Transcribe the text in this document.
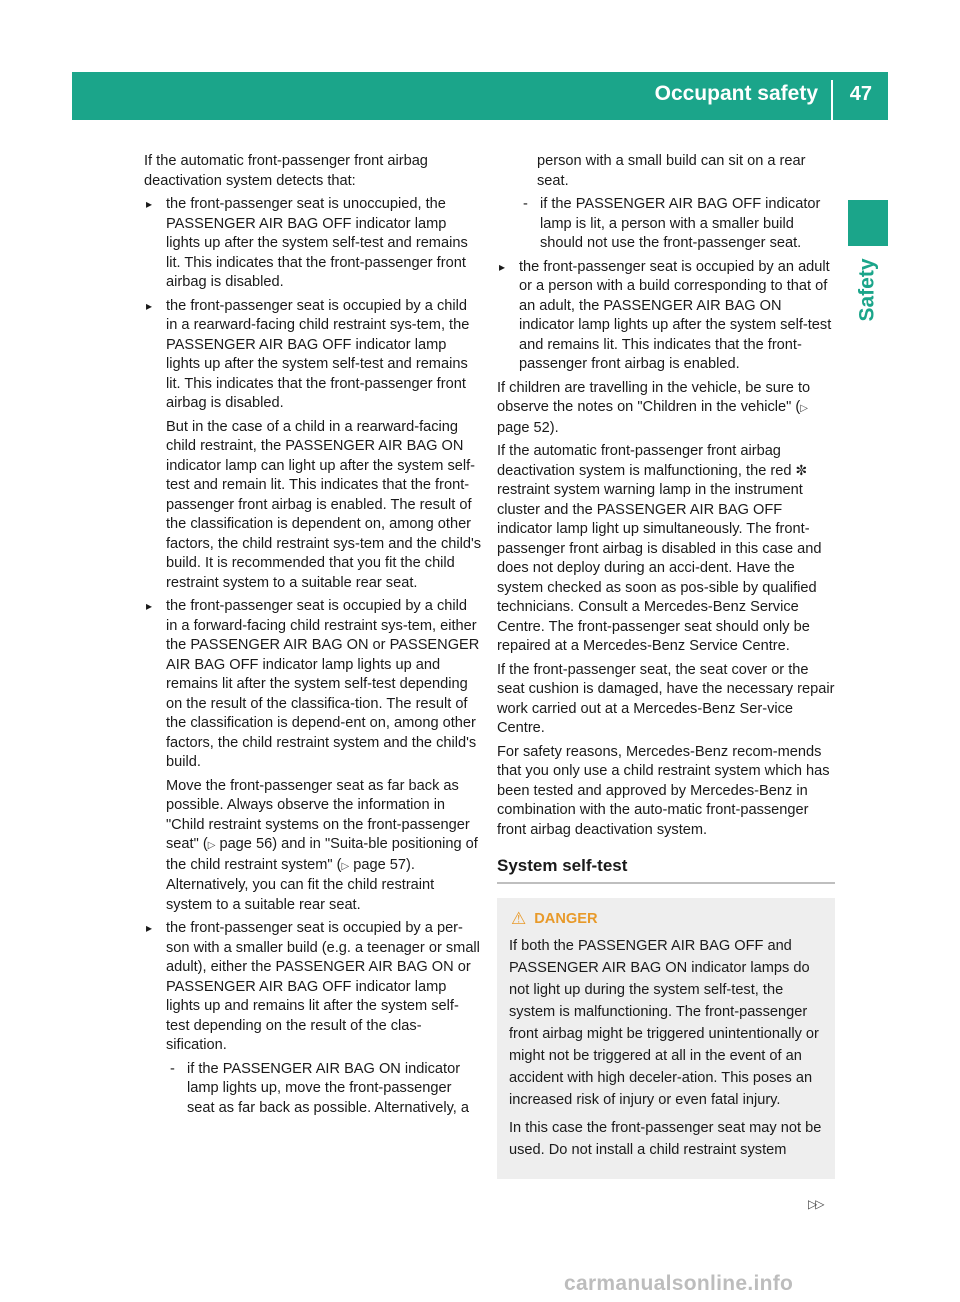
Occupant safety 47
Safety

If the automatic front-passenger front airbag deactivation system detects that:

▸ the front-passenger seat is unoccupied, the PASSENGER AIR BAG OFF indicator lamp lights up after the system self-test and remains lit. This indicates that the front-passenger front airbag is disabled.

▸ the front-passenger seat is occupied by a child in a rearward-facing child restraint sys-tem, the PASSENGER AIR BAG OFF indicator lamp lights up after the system self-test and remains lit. This indicates that the front-passenger front airbag is disabled.

But in the case of a child in a rearward-facing child restraint, the PASSENGER AIR BAG ON indicator lamp can light up after the system self-test and remain lit. This indicates that the front-passenger front airbag is enabled. The result of the classification is dependent on, among other factors, the child restraint sys-tem and the child's build. It is recommended that you fit the child restraint system to a suitable rear seat.

▸ the front-passenger seat is occupied by a child in a forward-facing child restraint sys-tem, either the PASSENGER AIR BAG ON or PASSENGER AIR BAG OFF indicator lamp lights up and remains lit after the system self-test depending on the result of the classifica-tion. The result of the classification is depend-ent on, among other factors, the child restraint system and the child's build.

Move the front-passenger seat as far back as possible. Always observe the information in "Child restraint systems on the front-passenger seat" (▷ page 56) and in "Suita-ble positioning of the child restraint system" (▷ page 57). Alternatively, you can fit the child restraint system to a suitable rear seat.

▸ the front-passenger seat is occupied by a per-son with a smaller build (e.g. a teenager or small adult), either the PASSENGER AIR BAG ON or PASSENGER AIR BAG OFF indicator lamp lights up and remains lit after the system self-test depending on the result of the clas-sification.

- if the PASSENGER AIR BAG ON indicator lamp lights up, move the front-passenger seat as far back as possible. Alternatively, a

person with a small build can sit on a rear seat.

- if the PASSENGER AIR BAG OFF indicator lamp is lit, a person with a smaller build should not use the front-passenger seat.

▸ the front-passenger seat is occupied by an adult or a person with a build corresponding to that of an adult, the PASSENGER AIR BAG ON indicator lamp lights up after the system self-test and remains lit. This indicates that the front-passenger front airbag is enabled.

If children are travelling in the vehicle, be sure to observe the notes on "Children in the vehicle" (▷ page 52).

If the automatic front-passenger front airbag deactivation system is malfunctioning, the red ✼ restraint system warning lamp in the instrument cluster and the PASSENGER AIR BAG OFF indicator lamp light up simultaneously. The front-passenger front airbag is disabled in this case and does not deploy during an acci-dent. Have the system checked as soon as pos-sible by qualified technicians. Consult a Mercedes-Benz Service Centre. The front-passenger seat should only be repaired at a Mercedes-Benz Service Centre.

If the front-passenger seat, the seat cover or the seat cushion is damaged, have the necessary repair work carried out at a Mercedes-Benz Ser-vice Centre.

For safety reasons, Mercedes-Benz recom-mends that you only use a child restraint system which has been tested and approved by Mercedes-Benz in combination with the auto-matic front-passenger front airbag deactivation system.

System self-test
⚠ DANGER

If both the PASSENGER AIR BAG OFF and PASSENGER AIR BAG ON indicator lamps do not light up during the system self-test, the system is malfunctioning. The front-passenger front airbag might be triggered unintentionally or might not be triggered at all in the event of an accident with high deceler-ation. This poses an increased risk of injury or even fatal injury.

In this case the front-passenger seat may not be used. Do not install a child restraint system

▷▷
carmanualsonline.info
